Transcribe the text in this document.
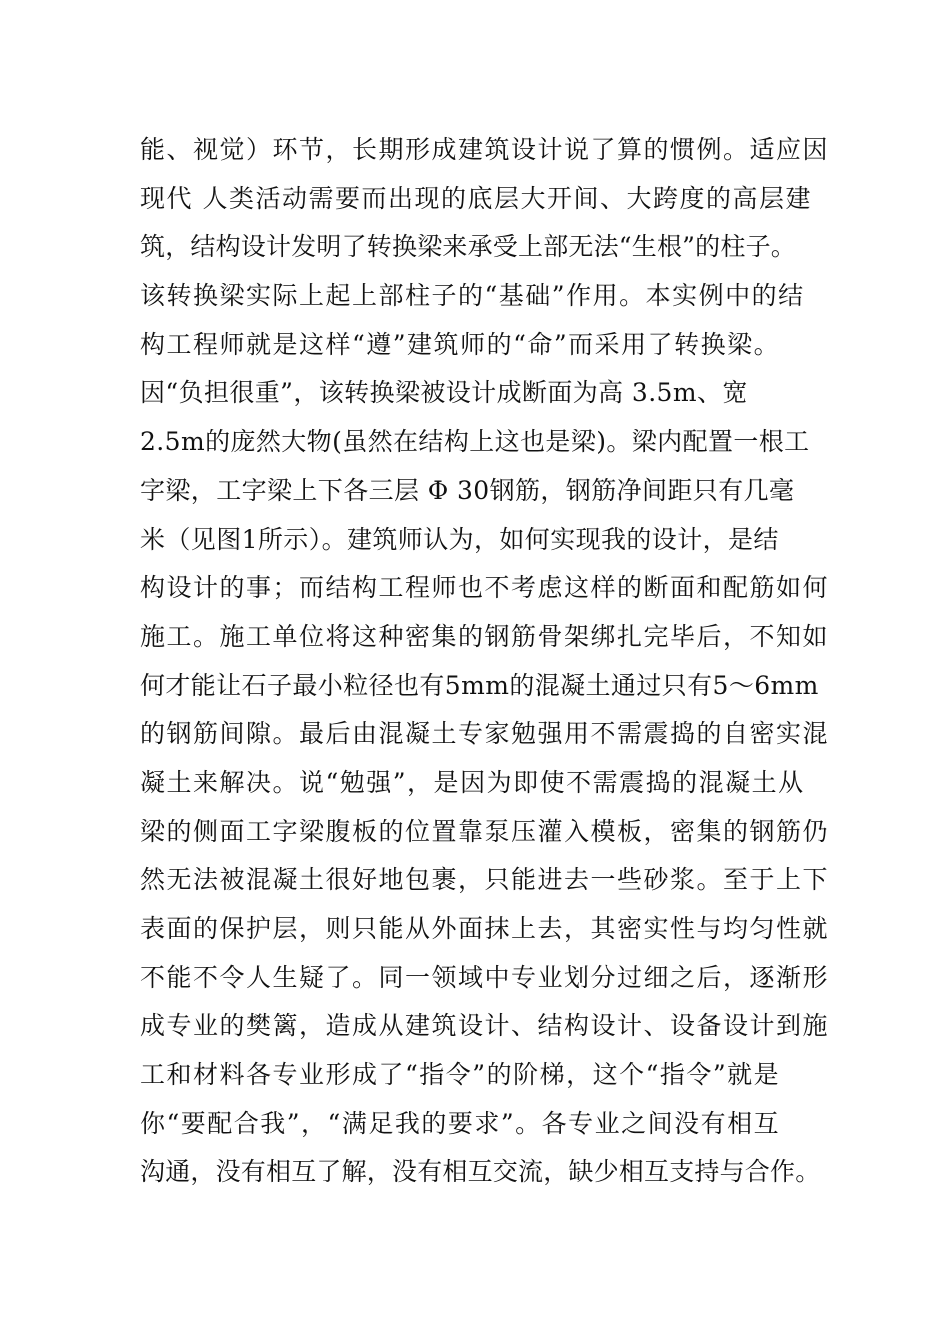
能、视觉）环节，长期形成建筑设计说了算的惯例。适应因
现代 人类活动需要而出现的底层大开间、大跨度的高层建
筑，结构设计发明了转换梁来承受上部无法“生根”的柱子。
该转换梁实际上起上部柱子的“基础”作用。本实例中的结
构工程师就是这样“遵”建筑师的“命”而采用了转换梁。
因“负担很重”，该转换梁被设计成断面为高 3.5m、宽
2.5m的庞然大物(虽然在结构上这也是梁)。梁内配置一根工
字梁，工字梁上下各三层 Φ 30钢筋，钢筋净间距只有几毫
米（见图1所示）。建筑师认为，如何实现我的设计，是结
构设计的事；而结构工程师也不考虑这样的断面和配筋如何
施工。施工单位将这种密集的钢筋骨架绑扎完毕后，不知如
何才能让石子最小粒径也有5mm的混凝土通过只有5～6mm
的钢筋间隙。最后由混凝土专家勉强用不需震捣的自密实混
凝土来解决。说“勉强”，是因为即使不需震捣的混凝土从
梁的侧面工字梁腹板的位置靠泵压灌入模板，密集的钢筋仍
然无法被混凝土很好地包裹，只能进去一些砂浆。至于上下
表面的保护层，则只能从外面抹上去，其密实性与均匀性就
不能不令人生疑了。同一领域中专业划分过细之后，逐渐形
成专业的樊篱，造成从建筑设计、结构设计、设备设计到施
工和材料各专业形成了“指令”的阶梯，这个“指令”就是
你“要配合我”，“满足我的要求”。各专业之间没有相互
沟通，没有相互了解，没有相互交流，缺少相互支持与合作。
